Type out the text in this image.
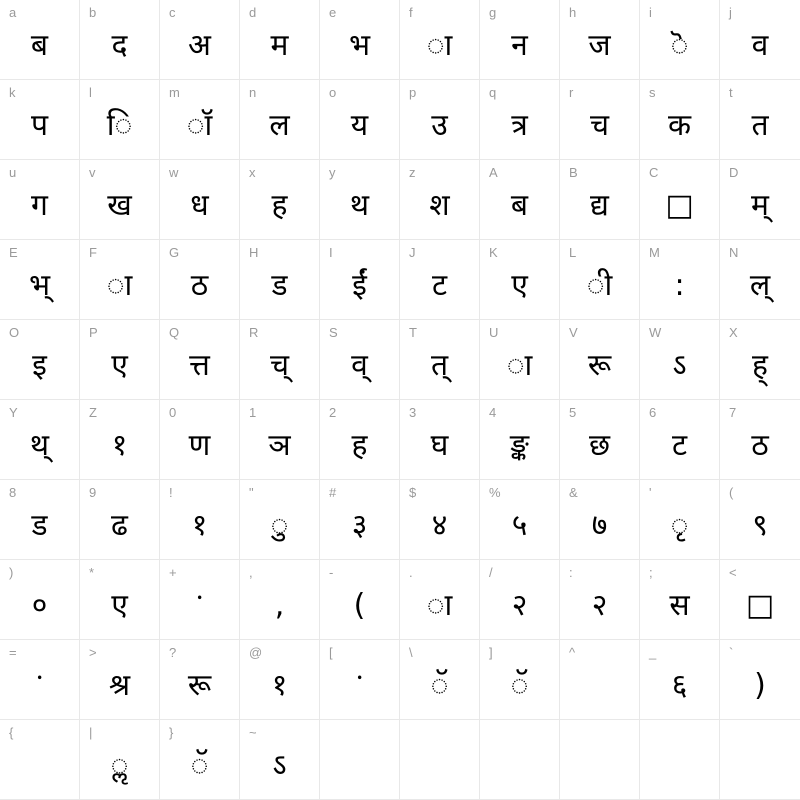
a
ब
b
द
c
अ
d
म
e
भ
f
ा
g
न
h
ज
i
ॆ
j
व
k
प
l
ि
m
ॉ
n
ल
o
य
p
उ
q
त्र
r
च
s
क
t
त
u
ग
v
ख
w
ध
x
ह
y
थ
z
श
A
ब
B
द्य
C
□
D
म्
E
भ्
F
ा
G
ठ
H
ड
I
ईं
J
ट
K
ए
L
ी
M
:
N
ल्
O
इ
P
ए
Q
त्त
R
च्
S
व्
T
त्
U
ा
V
रू
W
ऽ
X
ह्
Y
थ्
Z
१
0
ण
1
ञ
2
ह
3
घ
4
ङ्क
5
छ
6
ट
7
ठ
8
ड
9
ढ
!
१
"
ु
#
३
$
४
%
५
&
७
'
ृ
(
९
)
०
*
ए
+
ॱ
,
,
-
(
.
ा
/
२
:
२
;
स
<
□
=
ॱ
>
श्र
?
रू
@
१
[
ॱ
\
ॅ
]
ॅ
^	_
६
`
)
{	|
ॢ
}
ॅ
~
ऽ
